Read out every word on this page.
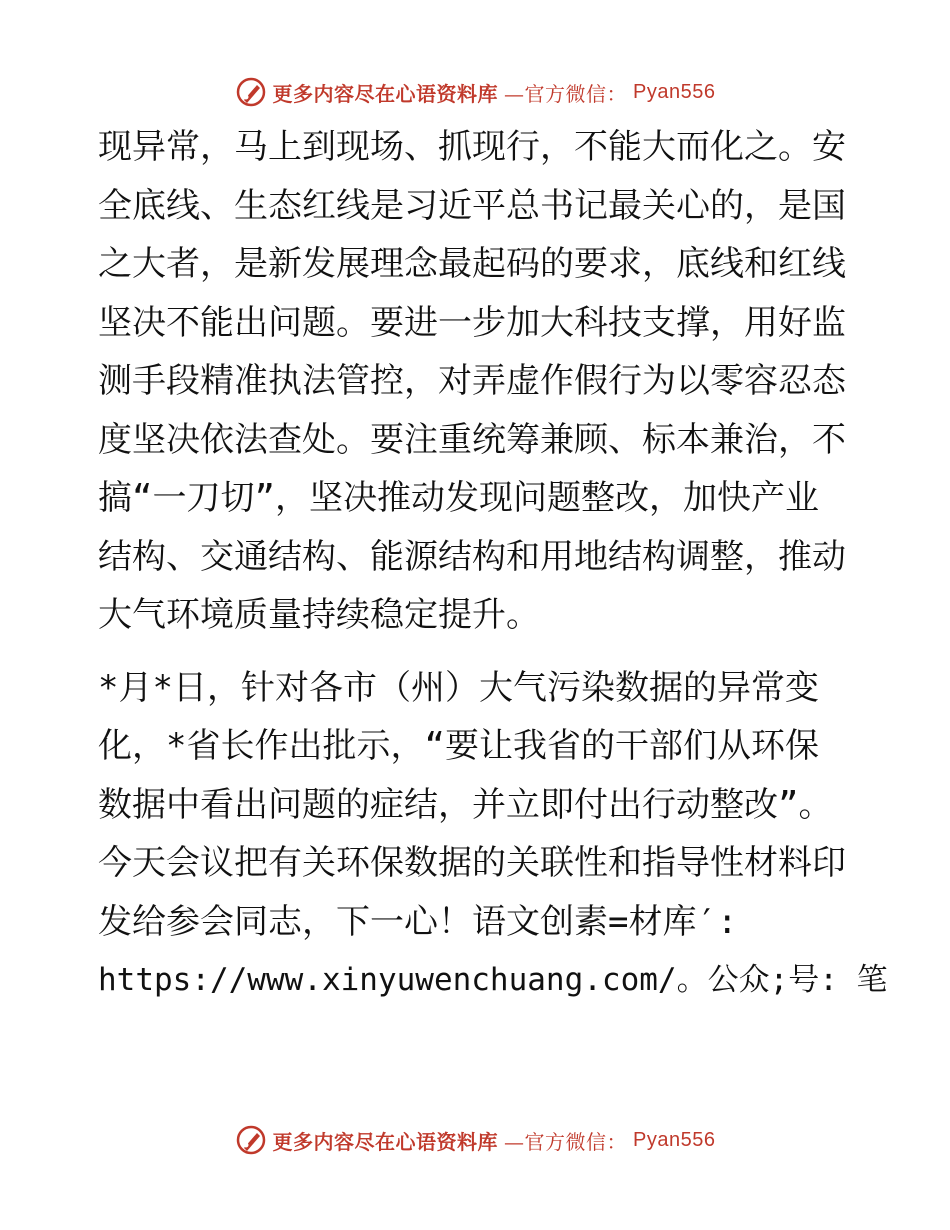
更多内容尽在心语资料库 —官方微信： Pyan556
现异常，马上到现场、抓现行，不能大而化之。安
全底线、生态红线是习近平总书记最关心的，是国
之大者，是新发展理念最起码的要求，底线和红线
坚决不能出问题。要进一步加大科技支撑，用好监
测手段精准执法管控，对弄虚作假行为以零容忍态
度坚决依法查处。要注重统筹兼顾、标本兼治，不
搞“一刀切”，坚决推动发现问题整改，加快产业
结构、交通结构、能源结构和用地结构调整，推动
大气环境质量持续稳定提升。
*月*日，针对各市（州）大气污染数据的异常变
化，*省长作出批示，“要让我省的干部们从环保
数据中看出问题的症结，并立即付出行动整改”。
今天会议把有关环保数据的关联性和指导性材料印
发给参会同志，下一心！语文创素=材库′:
https://www.xinyuwenchuang.com/。公众;号: 笔
更多内容尽在心语资料库 —官方微信： Pyan556
